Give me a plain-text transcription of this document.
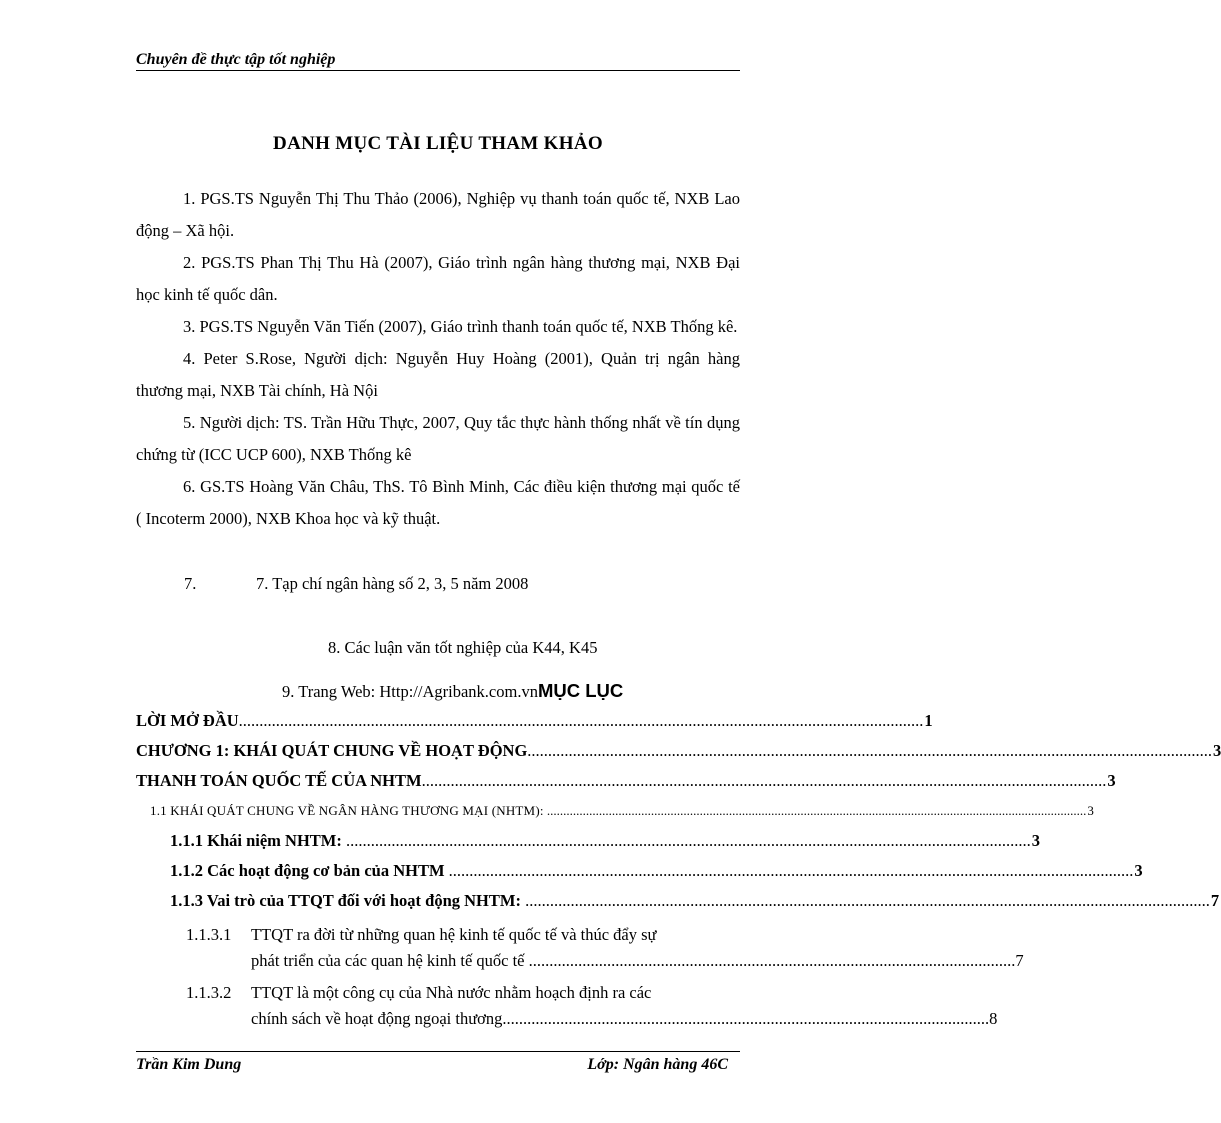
Chuyên đề thực tập tốt nghiệp
DANH MỤC TÀI LIỆU THAM KHẢO
1. PGS.TS Nguyễn Thị Thu Thảo (2006), Nghiệp vụ thanh toán quốc tế, NXB Lao động – Xã hội.
2. PGS.TS Phan Thị Thu Hà (2007), Giáo trình ngân hàng thương mại, NXB Đại học kinh tế quốc dân.
3. PGS.TS Nguyễn Văn Tiến (2007), Giáo trình thanh toán quốc tế, NXB Thống kê.
4. Peter S.Rose, Người dịch: Nguyễn Huy Hoàng (2001), Quản trị ngân hàng thương mại, NXB Tài chính, Hà Nội
5. Người dịch: TS. Trần Hữu Thực, 2007, Quy tắc thực hành thống nhất về tín dụng chứng từ (ICC UCP 600), NXB Thống kê
6. GS.TS Hoàng Văn Châu, ThS. Tô Bình Minh, Các điều kiện thương mại quốc tế ( Incoterm 2000), NXB Khoa học và kỹ thuật.
7.	7. Tạp chí ngân hàng số 2, 3, 5 năm 2008
8. Các luận văn tốt nghiệp của K44, K45
9. Trang Web: Http://Agribank.com.vnMỤC LỤC
LỜI MỞ ĐẦU ...................................................................................................................................................................... 1
CHƯƠNG 1: KHÁI QUÁT CHUNG VỀ HOẠT ĐỘNG ...................................................................................................................................................................... 3
THANH TOÁN QUỐC TẾ CỦA NHTM ...................................................................................................................................................................... 3
1.1 KHÁI QUÁT CHUNG VỀ NGÂN HÀNG THƯƠNG MẠI (NHTM): ...................................................................................................................................................................... 3
1.1.1 Khái niệm NHTM: ...................................................................................................................................................................... 3
1.1.2 Các hoạt động cơ bản của NHTM ...................................................................................................................................................................... 3
1.1.3 Vai trò của TTQT đối với hoạt động NHTM: ...................................................................................................................................................................... 7
1.1.3.1	TTQT ra đời từ những quan hệ kinh tế quốc tế và thúc đẩy sự
phát triển của các quan hệ kinh tế quốc tế ...................................................................................................................... 7
1.1.3.2	TTQT là một công cụ của Nhà nước nhằm hoạch định ra các
chính sách về hoạt động ngoại thương ...................................................................................................................... 8
Trần Kim Dung	Lớp: Ngân hàng 46C
